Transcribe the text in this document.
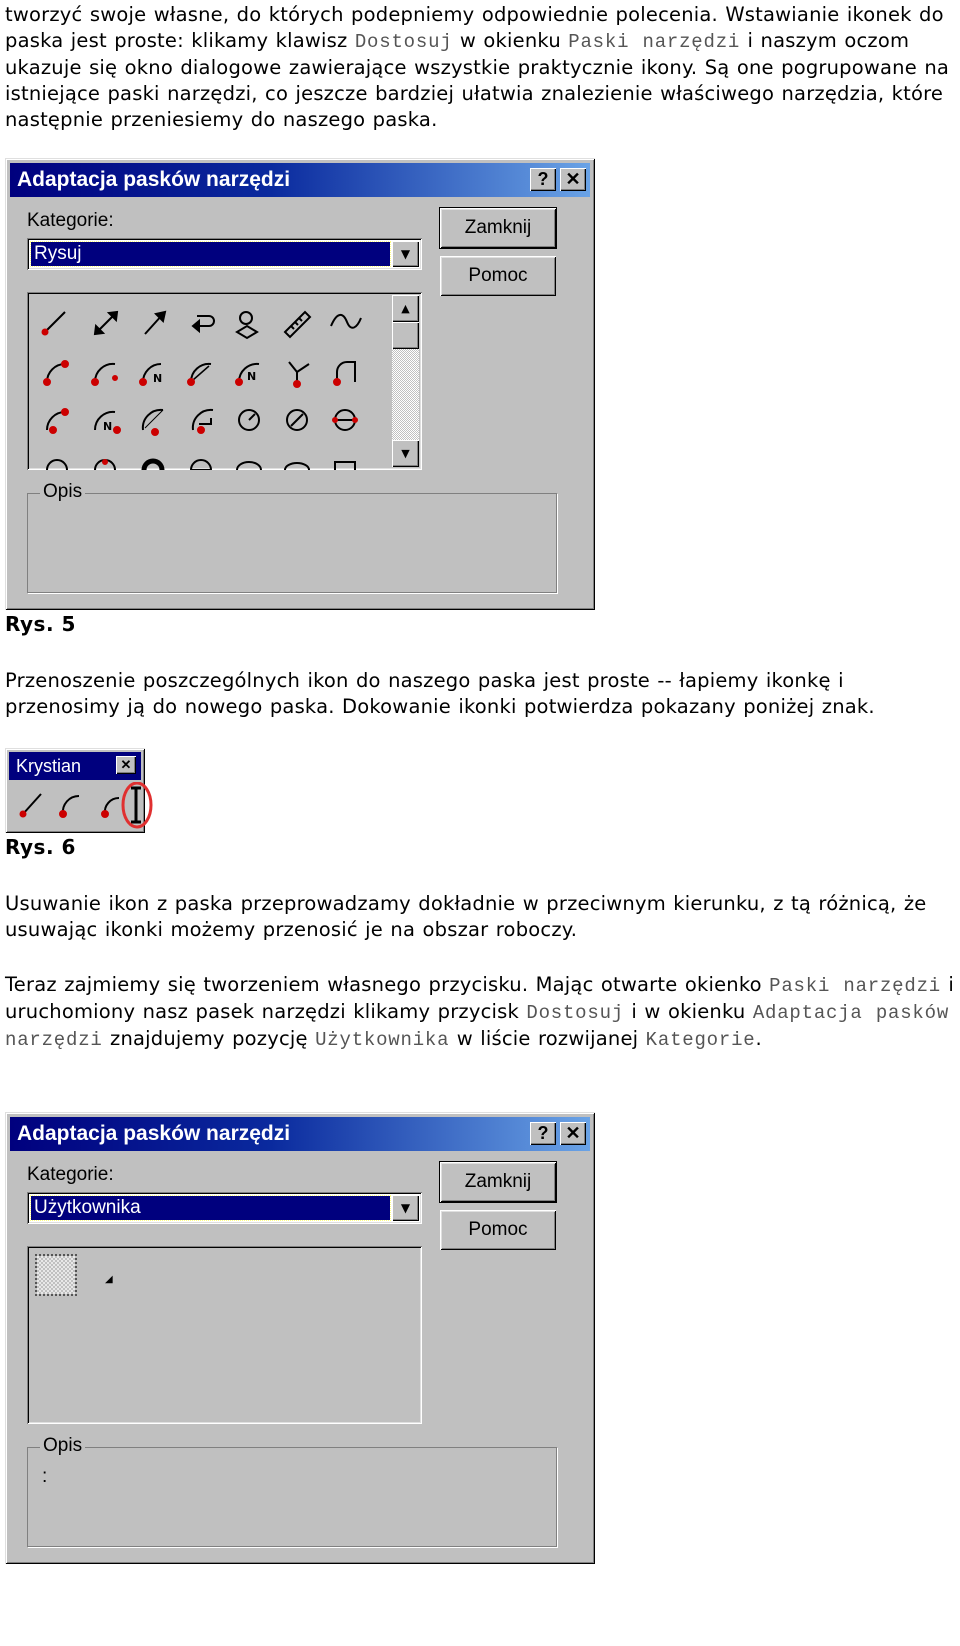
tworzyć swoje własne, do których podepniemy odpowiednie polecenia. Wstawianie ikonek do paska jest proste: klikamy klawisz Dostosuj w okienku Paski narzędzi i naszym oczom ukazuje się okno dialogowe zawierające wszystkie praktycznie ikony. Są one pogrupowane na istniejące paski narzędzi, co jeszcze bardziej ułatwia znalezienie właściwego narzędzia, które następnie przeniesiemy do naszego paska.

Adaptacja pasków narzędzi	? ✕
Kategorie:
Rysuj	▼
Zamknij
Pomoc
N	N
N
▲
▼
Opis
Rys. 5

Przenoszenie poszczególnych ikon do naszego paska jest proste -- łapiemy ikonkę i przenosimy ją do nowego paska. Dokowanie ikonki potwierdza pokazany poniżej znak.

Krystian	✕
Rys. 6

Usuwanie ikon z paska przeprowadzamy dokładnie w przeciwnym kierunku, z tą różnicą, że usuwając ikonki możemy przenosić je na obszar roboczy.

Teraz zajmiemy się tworzeniem własnego przycisku. Mając otwarte okienko Paski narzędzi i uruchomiony nasz pasek narzędzi klikamy przycisk Dostosuj i w okienku Adaptacja pasków narzędzi znajdujemy pozycję Użytkownika w liście rozwijanej Kategorie.

Adaptacja pasków narzędzi	? ✕
Kategorie:
Użytkownika	▼
Zamknij
Pomoc
◢
Opis
:
